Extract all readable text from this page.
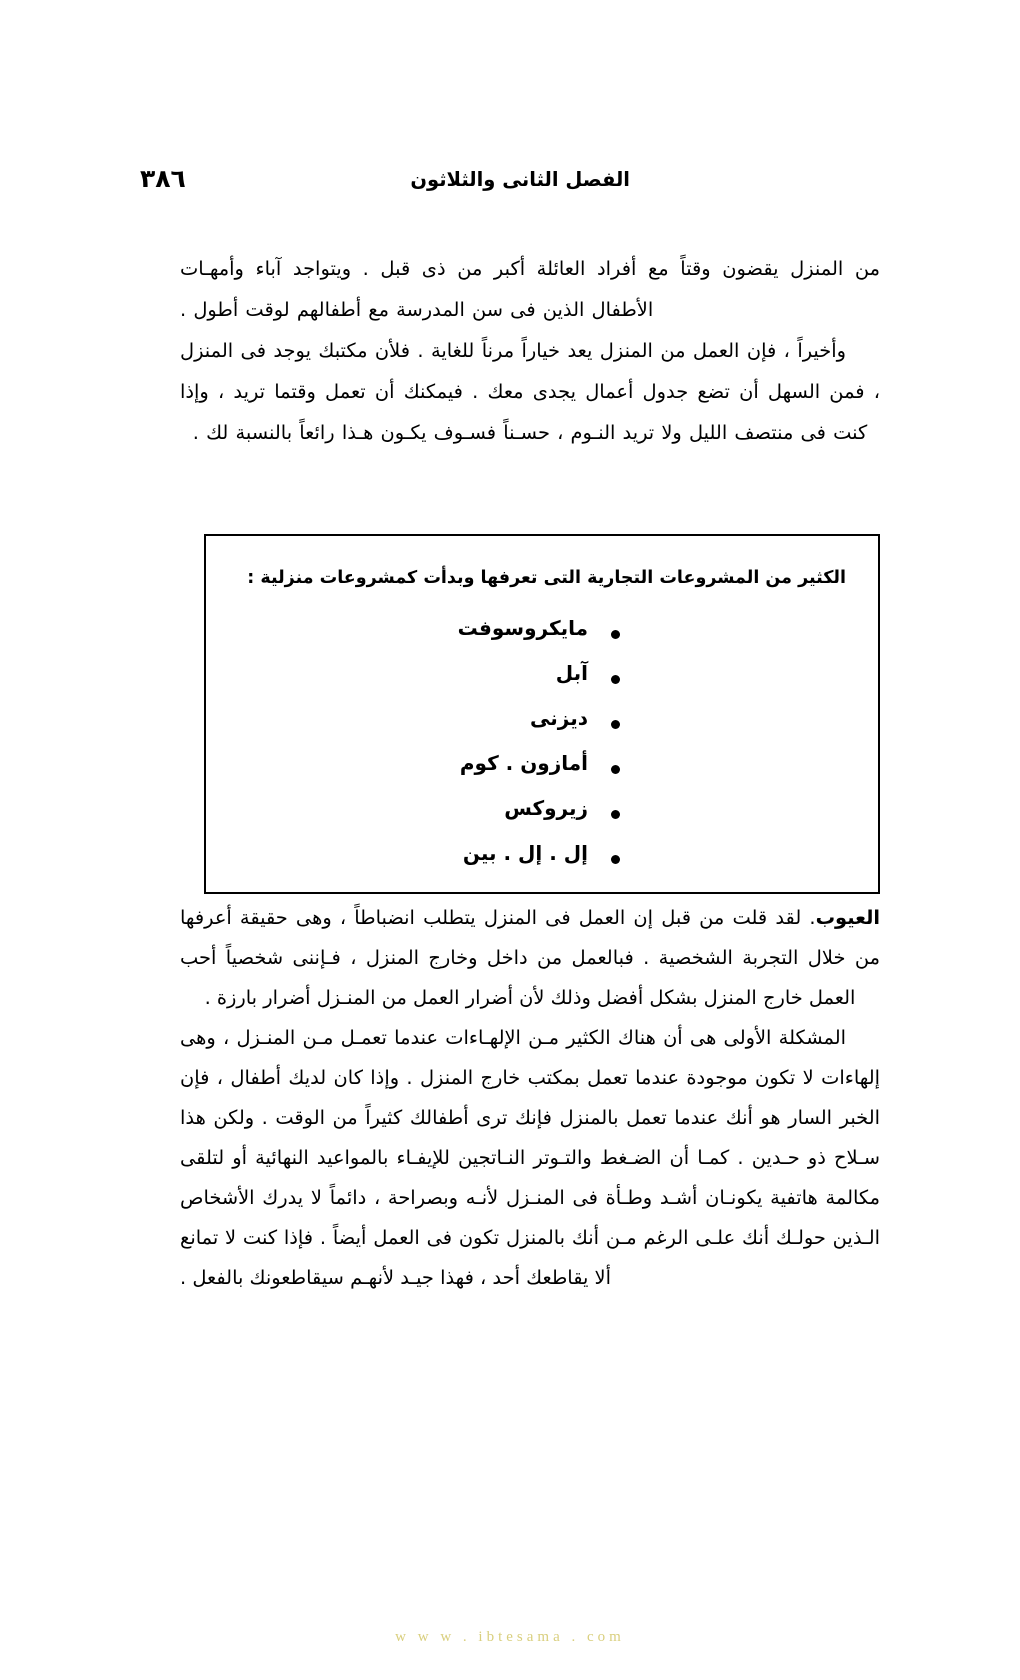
الفصل الثانى والثلاثون
٣٨٦

من المنزل يقضون وقتاً مع أفراد العائلة أكبر من ذى قبل . ويتواجد آباء وأمهـات الأطفال الذين فى سن المدرسة مع أطفالهم لوقت أطول .

وأخيراً ، فإن العمل من المنزل يعد خياراً مرناً للغاية . فلأن مكتبك يوجد فى المنزل ، فمن السهل أن تضع جدول أعمال يجدى معك . فيمكنك أن تعمل وقتما تريد ، وإذا كنت فى منتصف الليل ولا تريد النـوم ، حسـناً فسـوف يكـون هـذا رائعاً بالنسبة لك .

الكثير من المشروعات التجارية التى تعرفها وبدأت كمشروعات منزلية :
مايكروسوفت
آبل
ديزنى
أمازون . كوم
زيروكس
إل . إل . بين

العيوب. لقد قلت من قبل إن العمل فى المنزل يتطلب انضباطاً ، وهى حقيقة أعرفها من خلال التجربة الشخصية . فبالعمل من داخل وخارج المنزل ، فـإننى شخصياً أحب العمل خارج المنزل بشكل أفضل وذلك لأن أضرار العمل من المنـزل أضرار بارزة .

المشكلة الأولى هى أن هناك الكثير مـن الإلهـاءات عندما تعمـل مـن المنـزل ، وهى إلهاءات لا تكون موجودة عندما تعمل بمكتب خارج المنزل . وإذا كان لديك أطفال ، فإن الخبر السار هو أنك عندما تعمل بالمنزل فإنك ترى أطفالك كثيراً من الوقت . ولكن هذا سـلاح ذو حـدين . كمـا أن الضـغط والتـوتر النـاتجين للإيفـاء بالمواعيد النهائية أو لتلقى مكالمة هاتفية يكونـان أشـد وطـأة فى المنـزل لأنـه وبصراحة ، دائماً لا يدرك الأشخاص الـذين حولـك أنك علـى الرغم مـن أنك بالمنزل تكون فى العمل أيضاً . فإذا كنت لا تمانع ألا يقاطعك أحد ، فهذا جيـد لأنهـم سيقاطعونك بالفعل .

w w w . ibtesama . com
